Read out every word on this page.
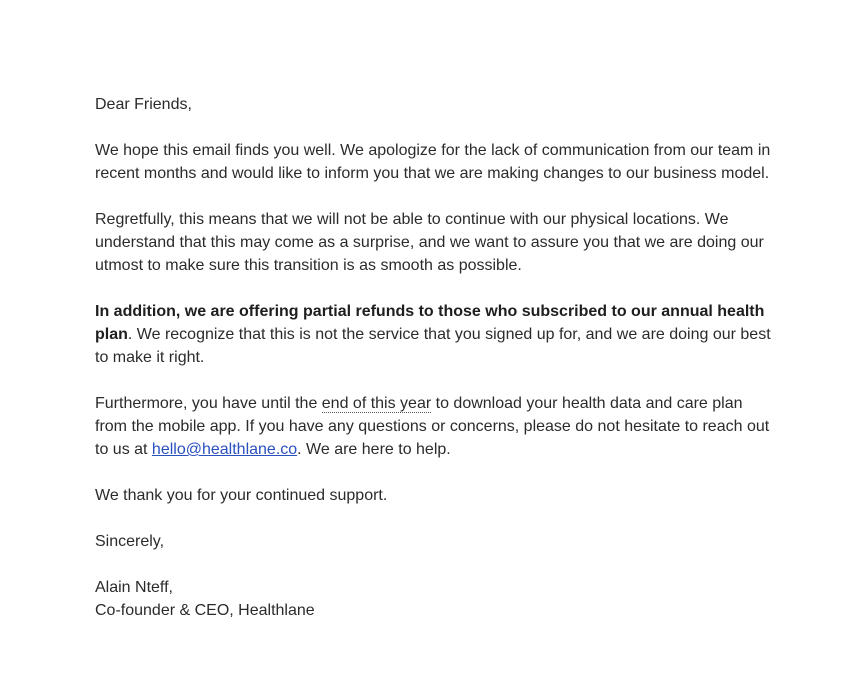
Dear Friends,

We hope this email finds you well. We apologize for the lack of communication from our team in recent months and would like to inform you that we are making changes to our business model.

Regretfully, this means that we will not be able to continue with our physical locations. We understand that this may come as a surprise, and we want to assure you that we are doing our utmost to make sure this transition is as smooth as possible.

In addition, we are offering partial refunds to those who subscribed to our annual health plan. We recognize that this is not the service that you signed up for, and we are doing our best to make it right.

Furthermore, you have until the end of this year to download your health data and care plan from the mobile app. If you have any questions or concerns, please do not hesitate to reach out to us at hello@healthlane.co. We are here to help.

We thank you for your continued support.

Sincerely,

Alain Nteff,
Co-founder & CEO, Healthlane
